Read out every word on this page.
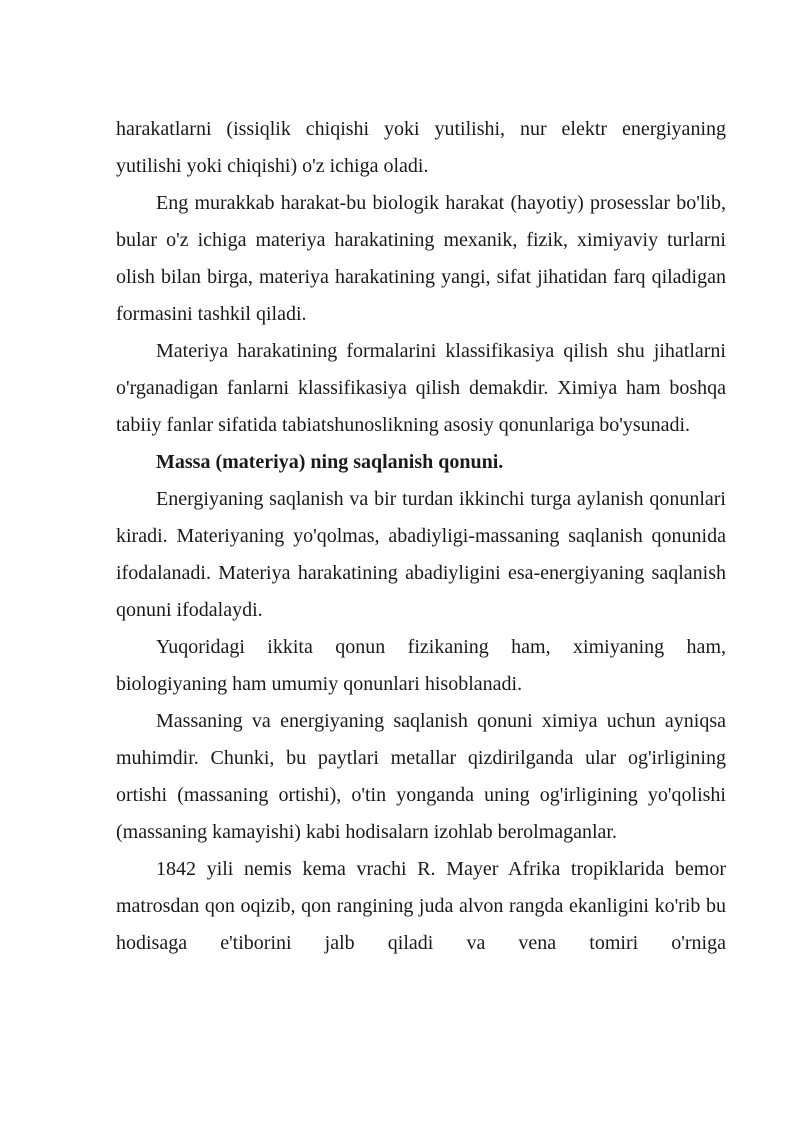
harakatlarni (issiqlik chiqishi yoki yutilishi, nur elektr energiyaning yutilishi yoki chiqishi) o'z ichiga oladi.

Eng murakkab harakat-bu biologik harakat (hayotiy) prosesslar bo'lib, bular o'z ichiga materiya harakatining mexanik, fizik, ximiyaviy turlarni olish bilan birga, materiya harakatining yangi, sifat jihatidan farq qiladigan formasini tashkil qiladi.

Materiya harakatining formalarini klassifikasiya qilish shu jihatlarni o'rganadigan fanlarni klassifikasiya qilish demakdir. Ximiya ham boshqa tabiiy fanlar sifatida tabiatshunoslikning asosiy qonunlariga bo'ysunadi.

Massa (materiya) ning saqlanish qonuni.

Energiyaning saqlanish va bir turdan ikkinchi turga aylanish qonunlari kiradi. Materiyaning yo'qolmas, abadiyligi-massaning saqlanish qonunida ifodalanadi. Materiya harakatining abadiyligini esa-energiyaning saqlanish qonuni ifodalaydi.

Yuqoridagi ikkita qonun fizikaning ham, ximiyaning ham, biologiyaning ham umumiy qonunlari hisoblanadi.

Massaning va energiyaning saqlanish qonuni ximiya uchun ayniqsa muhimdir. Chunki, bu paytlari metallar qizdirilganda ular og'irligining ortishi (massaning ortishi), o'tin yonganda uning og'irligining yo'qolishi (massaning kamayishi) kabi hodisalarn izohlab berolmaganlar.

1842 yili nemis kema vrachi R. Mayer Afrika tropiklarida bemor matrosdan qon oqizib, qon rangining juda alvon rangda ekanligini ko'rib bu hodisaga e'tiborini jalb qiladi va vena tomiri o'rniga
